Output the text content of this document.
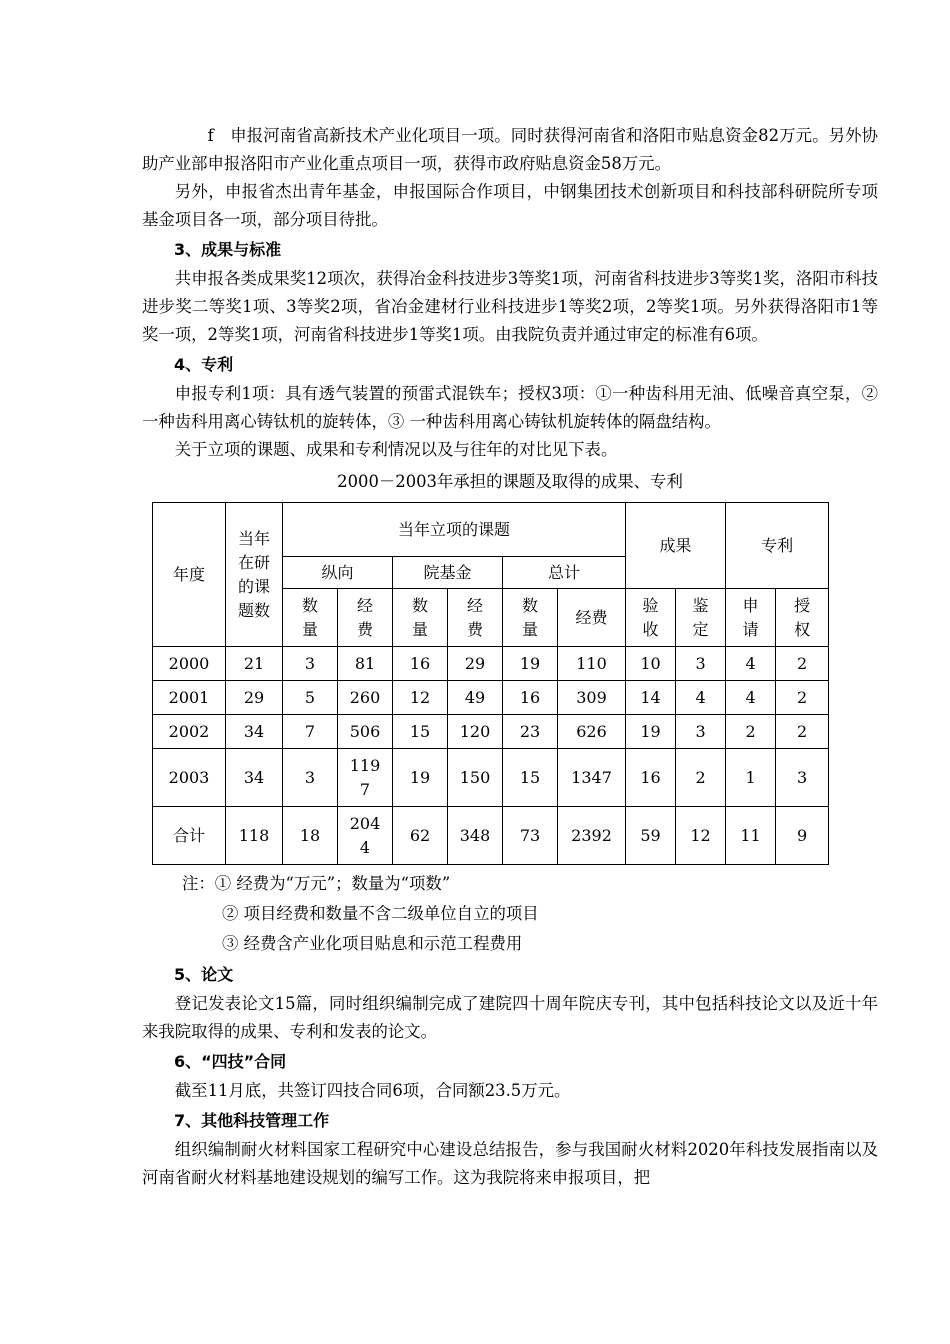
f　申报河南省高新技术产业化项目一项。同时获得河南省和洛阳市贴息资金82万元。另外协助产业部申报洛阳市产业化重点项目一项，获得市政府贴息资金58万元。

另外，申报省杰出青年基金，申报国际合作项目，中钢集团技术创新项目和科技部科研院所专项基金项目各一项，部分项目待批。

3、成果与标准

共申报各类成果奖12项次，获得冶金科技进步3等奖1项，河南省科技进步3等奖1奖，洛阳市科技进步奖二等奖1项、3等奖2项，省冶金建材行业科技进步1等奖2项，2等奖1项。另外获得洛阳市1等奖一项，2等奖1项，河南省科技进步1等奖1项。由我院负责并通过审定的标准有6项。

4、专利

申报专利1项：具有透气装置的预雷式混铁车；授权3项：①一种齿科用无油、低噪音真空泵，②一种齿科用离心铸钛机的旋转体，③ 一种齿科用离心铸钛机旋转体的隔盘结构。

关于立项的课题、成果和专利情况以及与往年的对比见下表。

2000－2003年承担的课题及取得的成果、专利

年度	当年在研的课题数	当年立项的课题						成果		专利	
		纵向		院基金		总计					
		数量	经费	数量	经费	数量	经费	验收	鉴定	申请	授权
2000	21	3	81	16	29	19	110	10	3	4	2
2001	29	5	260	12	49	16	309	14	4	4	2
2002	34	7	506	15	120	23	626	19	3	2	2
2003	34	3	1197	19	150	15	1347	16	2	1	3
合计	118	18	2044	62	348	73	2392	59	12	11	9

注：① 经费为“万元”；数量为“项数”

② 项目经费和数量不含二级单位自立的项目

③ 经费含产业化项目贴息和示范工程费用

5、论文

登记发表论文15篇，同时组织编制完成了建院四十周年院庆专刊，其中包括科技论文以及近十年来我院取得的成果、专利和发表的论文。

6、“四技”合同

截至11月底，共签订四技合同6项，合同额23.5万元。

7、其他科技管理工作

组织编制耐火材料国家工程研究中心建设总结报告，参与我国耐火材料2020年科技发展指南以及河南省耐火材料基地建设规划的编写工作。这为我院将来申报项目，把
